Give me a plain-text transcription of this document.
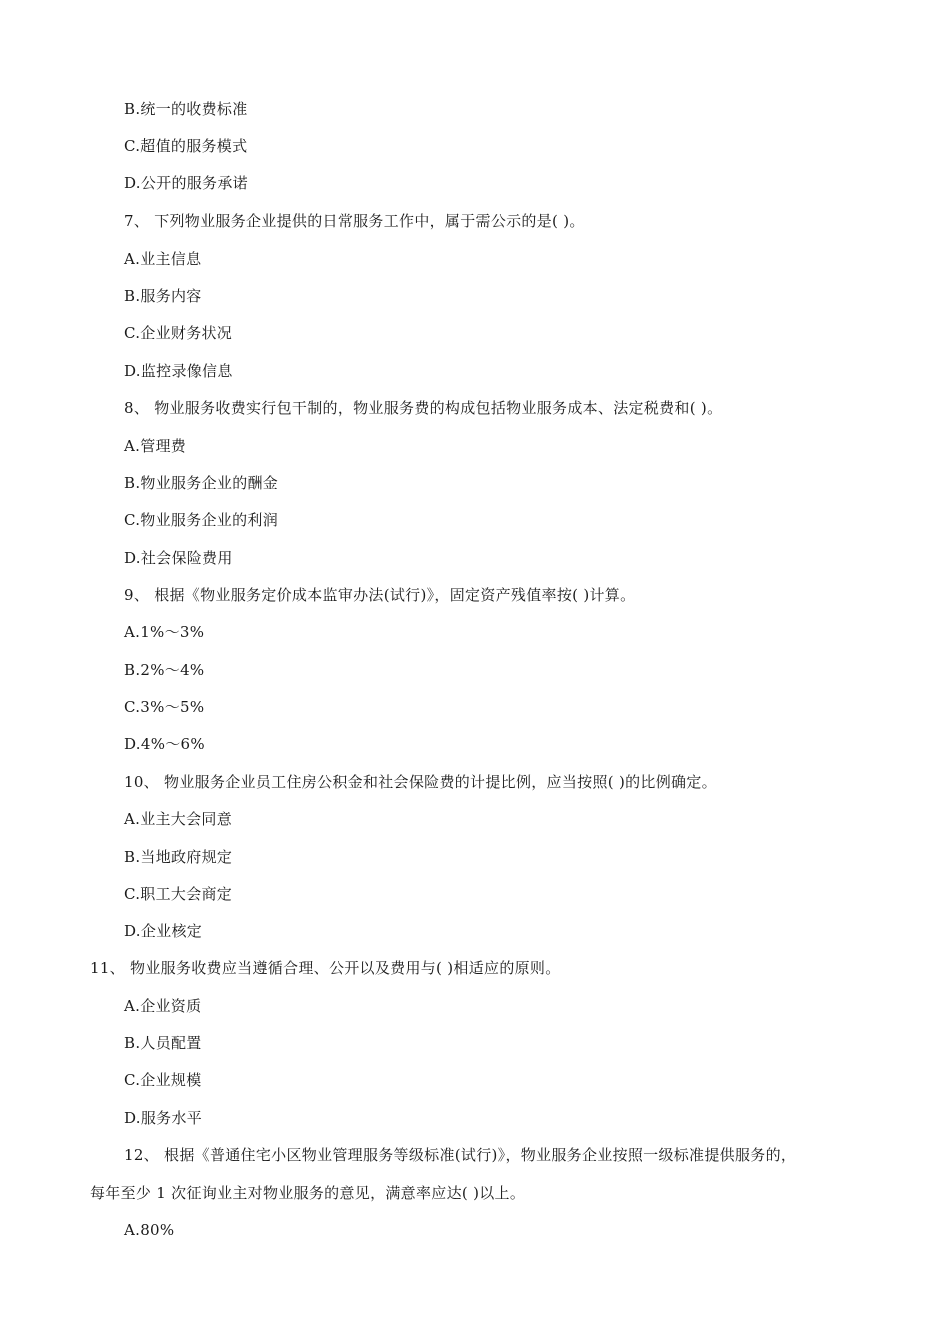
B.统一的收费标准
C.超值的服务模式
D.公开的服务承诺
7、 下列物业服务企业提供的日常服务工作中，属于需公示的是( )。
A.业主信息
B.服务内容
C.企业财务状况
D.监控录像信息
8、 物业服务收费实行包干制的，物业服务费的构成包括物业服务成本、法定税费和( )。
A.管理费
B.物业服务企业的酬金
C.物业服务企业的利润
D.社会保险费用
9、 根据《物业服务定价成本监审办法(试行)》，固定资产残值率按( )计算。
A.1%～3%
B.2%～4%
C.3%～5%
D.4%～6%
10、 物业服务企业员工住房公积金和社会保险费的计提比例，应当按照( )的比例确定。
A.业主大会同意
B.当地政府规定
C.职工大会商定
D.企业核定
11、 物业服务收费应当遵循合理、公开以及费用与( )相适应的原则。
A.企业资质
B.人员配置
C.企业规模
D.服务水平
12、 根据《普通住宅小区物业管理服务等级标准(试行)》，物业服务企业按照一级标准提供服务的，
每年至少 1 次征询业主对物业服务的意见，满意率应达( )以上。
A.80%
